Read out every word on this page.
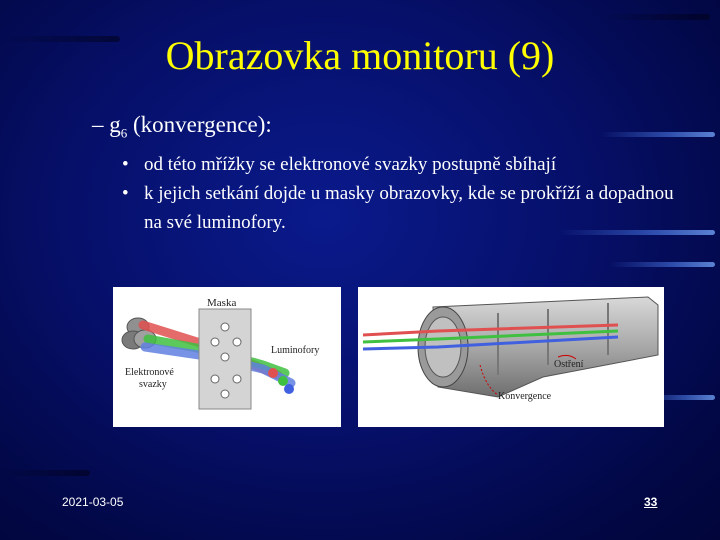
Obrazovka monitoru (9)
– $g_6$ (konvergence):
• od této mřížky se elektronové svazky postupně sbíhají
• k jejich setkání dojde u masky obrazovky, kde se prokříží a dopadnou na své luminofory.
Maska
Luminofory
Elektronové
svazky
Ostření
Konvergence
2021-03-05	33
